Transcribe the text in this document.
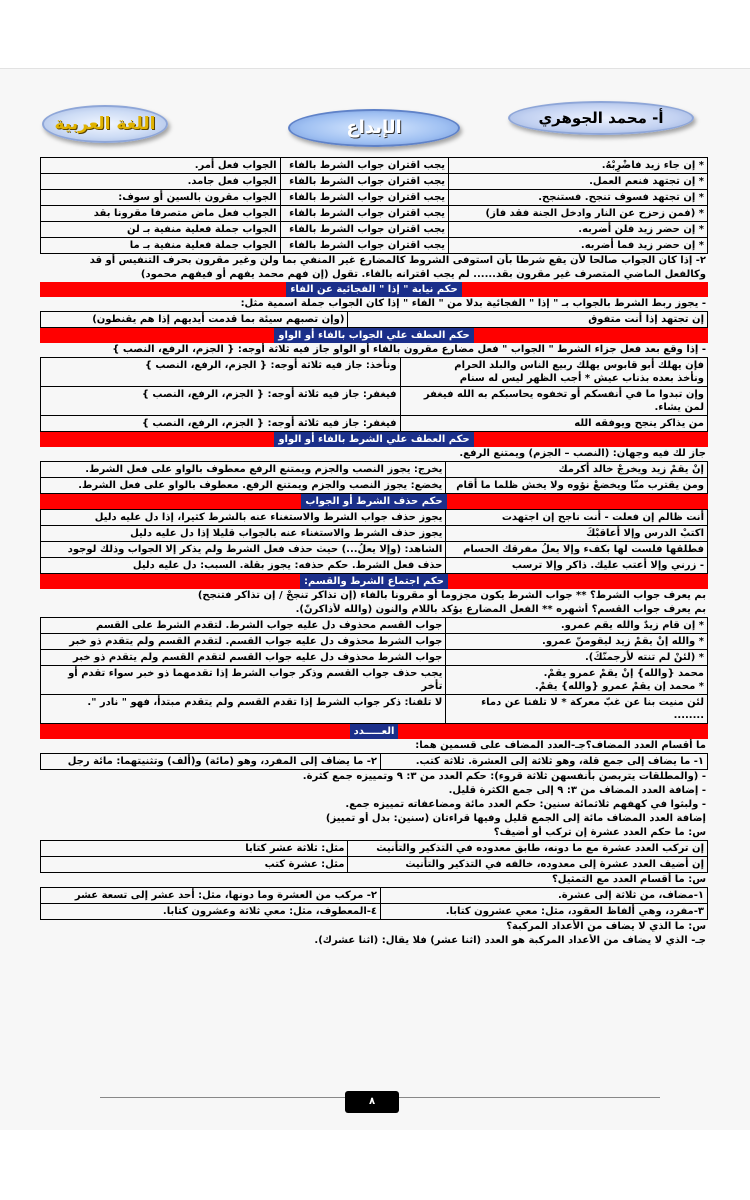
اللغة العربية	الإبداع	أ- محمد الجوهري
* إن جاء زيد فاضْرِبْهُ.
يجب اقتران جواب الشرط بالفاء
الجواب فعل أمر.
* إن تجتهد فنعم العمل.
يجب اقتران جواب الشرط بالفاء
الجواب فعل جامد.
* إن تجتهد فسوف تنجح. فستنجح.
يجب اقتران جواب الشرط بالفاء
الجواب مقرون بالسين أو سوف:
* (فمن زحزح عن النار وادخل الجنة فقد فاز)
يجب اقتران جواب الشرط بالفاء
الجواب فعل ماض متصرفا مقرونا بقد
* إن حضر زيد فلن أضربه.
يجب اقتران جواب الشرط بالفاء
الجواب جملة فعلية منفية بـ لن
* إن حضر زيد فما أضربه.
يجب اقتران جواب الشرط بالفاء
الجواب جملة فعلية منفية بـ ما
٢- إذا كان الجواب صالحا لأن يقع شرطا بأن استوفى الشروط كالمضارع غير المنفي بما ولن وغير مقرون بحرف التنفيس أو قد
وكالفعل الماضي المتصرف غير مقرون بقد...... لم يجب اقترانه بالفاء. تقول (إن فهم محمد يفهم أو فيفهم محمود)
حكم نيابة " إذا " الفجائية عن الفاء
- يجوز ربط الشرط بالجواب بـ " إذا " الفجائية بدلا من " الفاء " إذا كان الجواب جملة اسمية مثل:
إن تجتهد إذا أنت متفوق
(وإن تصبهم سيئة بما قدمت أيديهم إذا هم يقنطون)
حكم العطف علي الجواب بالفاء أو الواو
- إذا وقع بعد فعل جزاء الشرط " الجواب " فعل مضارع مقرون بالفاء أو الواو جاز فيه ثلاثة أوجه: { الجزم، الرفع، النصب }
فإن يهلك أبو قابوس يهلك ربيع الناس والبلد الحرام
ونأخذ بعده بذناب عيش * أجب الظهر ليس له سنام
ونأخذ: جاز فيه ثلاثة أوجه: { الجزم، الرفع، النصب }
وإن تبدوا ما في أنفسكم أو تخفوه يحاسبكم به الله فيغفر لمن يشاء.
فيغفر: جاز فيه ثلاثة أوجه: { الجزم، الرفع، النصب }
من يذاكر ينجح ويوفقه الله
فيغفر: جاز فيه ثلاثة أوجه: { الجزم، الرفع، النصب }
حكم العطف علي الشرط بالفاء أو الواو
جاز لك فيه وجهان: (النصب – الجزم) ويمتنع الرفع.
إنْ يقمْ زيد ويخرجْ خالد أكرمك
يخرج: يجوز النصب والجزم ويمتنع الرفع معطوف بالواو على فعل الشرط.
ومن يقترب منّا ويخضعْ نؤوه ولا يخش ظلما ما أقام
يخضع: يجوز النصب والجزم ويمتنع الرفع. معطوف بالواو على فعل الشرط.
حكم حذف الشرط أو الجواب
أنت ظالم إن فعلت - أنت ناجح إن اجتهدت
يجوز حذف جواب الشرط والاستغناء عنه بالشرط كثيرا، إذا دل عليه دليل
اكتبْ الدرس وإلا أعاقبْكَ
يجوز حذف الشرط والاستغناء عنه بالجواب قليلا إذا دل عليه دليل
فطلقها فلست لها بكفء وإلا يعلُ مفرقك الحسام
الشاهد: (وإلا يعلُ...) حيث حذف فعل الشرط ولم يذكر إلا الجواب وذلك لوجود
- زرني وإلا أعتب عليك. ذاكر وإلا ترسب
حذف فعل الشرط. حكم حذفه: يجوز بقلة. السبب: دل عليه دليل
حكم اجتماع الشرط والقسم:
بم يعرف جواب الشرط؟ ** جواب الشرط يكون مجزوما أو مقرونا بالفاء (إن تذاكر تنجحْ / إن تذاكر فتنجح)
بم يعرف جواب القسم؟ أشهره ** الفعل المضارع يؤكد باللام والنون (والله لأذاكرنّ).
* إن قام زيدٌ والله يقم عمرو.
جواب القسم محذوف دل عليه جواب الشرط. لتقدم الشرط على القسم
* والله إنْ يقمْ زيد ليقومنّ عمرو.
جواب الشرط محذوف دل عليه جواب القسم. لتقدم القسم ولم يتقدم ذو خبر
* (لئنْ لم تنته لأرجمنّكَ).
جواب الشرط محذوف دل عليه جواب القسم لتقدم القسم ولم يتقدم ذو خبر
محمد {والله} إنْ يقمْ عمرو يقمْ.
* محمد إن يقمْ عمرو {والله} يقمْ.
يجب حذف جواب القسم وذكر جواب الشرط إذا تقدمهما ذو خبر سواء تقدم أو تأخر
لئن منيت بنا عن غبّ معركة * لا تلفنا عن دماء ........
لا تلفنا: ذكر جواب الشرط إذا تقدم القسم ولم يتقدم مبتدأ، فهو " نادر ".
العـــــدد
ما أقسام العدد المضاف؟جـ-العدد المضاف على قسمين هما:
١- ما يضاف إلى جمع قلة، وهو ثلاثة إلى العشرة. ثلاثة كتب.
٢- ما يضاف إلى المفرد، وهو (مائة) و(ألف) وتثنيتهما: مائة رجل
- (والمطلقات يتربصن بأنفسهن ثلاثة قروء): حكم العدد من ٣: ٩ وتمييزه جمع كثرة.
- إضافة العدد المضاف من ٣: ٩ إلى جمع الكثرة قليل.
- ولبثوا في كهفهم ثلاثمائة سنين: حكم العدد مائة ومضاعفاته تمييزه جمع.
إضافة العدد المضاف مائة إلى الجمع قليل وفيها قراءتان (سنين: بدل أو تمييز)
س: ما حكم العدد عشرة إن تركب أو أضيف؟
إن تركب العدد عشرة مع ما دونه، طابق معدوده في التذكير والتأنيث
مثل: ثلاثة عشر كتابا
إن أضيف العدد عشرة إلى معدوده، خالفه في التذكير والتأنيث
مثل: عشرة كتب
س: ما أقسام العدد مع التمثيل؟
١-مضاف، من ثلاثة إلى عشرة.
٢- مركب من العشرة وما دونها، مثل: أحد عشر إلى تسعة عشر
٣-مفرد، وهي ألفاظ العقود، مثل: معي عشرون كتابا.
٤-المعطوف، مثل: معي ثلاثة وعشرون كتابا.
س: ما الذي لا يضاف من الأعداد المركبة؟
جـ- الذي لا يضاف من الأعداد المركبة هو العدد (اثنا عشر) فلا يقال: (اثنا عشرك).
٨
